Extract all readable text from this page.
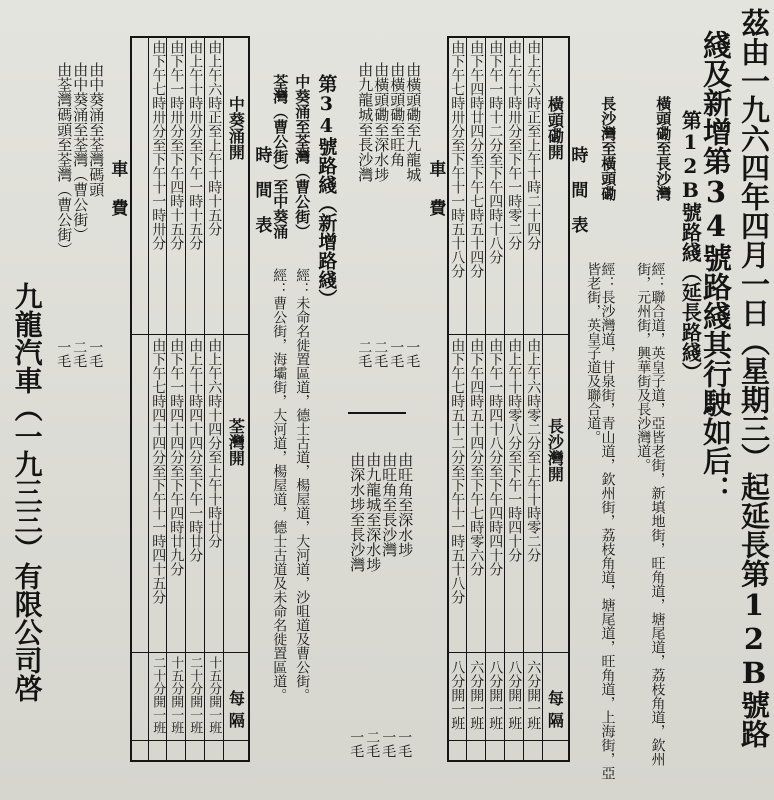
茲由一九六四年四月一日（星期三）起延長第12B號路
綫及新增第34號路綫其行駛如后：
第12B號路綫（延長路綫）
橫頭磡至長沙灣
經：聯合道，英皇子道，亞皆老街，新填地街，旺角道，塘尾道，荔枝角道，欽州街，元州街，興華街及長沙灣道。
長沙灣至橫頭磡
經：長沙灣道，甘泉街，青山道，欽州街，荔枝角道，塘尾道，旺角道，上海街，亞皆老街，英皇子道及聯合道。
時間表
橫頭磡開
長沙灣開
每隔
由上午六時正至上午十時二十四分
由上午十時卅分至下午一時零二分
由下午一時十二分至下午四時十八分
由下午四時廿四分至下午七時五十四分
由下午七時卅分至下午十一時五十八分
由上午六時零二分至上午十時零二分
由上午十時零八分至下午一時四十分
由下午一時四十八分至下午四時四十分
由下午四時五十四分至下午七時零六分
由下午七時五十二分至下午十一時五十八分
六分開一班
八分開一班
八分開一班
六分開一班
八分開一班
車費
由橫頭磡至九龍城
由橫頭磡至旺角
由橫頭磡至深水埗
由九龍城至長沙灣
由旺角至深水埗
由旺角至長沙灣
由九龍城至深水埗
由深水埗至長沙灣
一毛
一毛
二毛
二毛
一毛
一毛
二毛
一毛
第34號路綫（新增路綫）
中葵涌至荃灣（曹公街）
經：未命名徙置區道，德士古道，楊屋道，大河道，沙咀道及曹公街。
荃灣（曹公街）至中葵涌
經：曹公街，海壩街，大河道，楊屋道，德士古道及未命名徙置區道。
時間表
中葵涌開
荃灣開
每隔
由上午六時正至上午十時十五分
由上午十時卅分至下午一時十五分
由下午一時卅分至下午四時十五分
由下午七時卅分至下午十一時卅分
由上午六時十四分至上午十時廿分
由上午十時四十四分至下午一時廿分
由下午一時四十四分至下午四時廿九分
由下午七時四十四分至下午十一時四十五分
十五分開一班
二十分開一班
十五分開一班
二十分開一班
車費
由中葵涌至荃灣碼頭
由中葵涌至荃灣（曹公街）
由荃灣碼頭至荃灣（曹公街）
一毛
二毛
一毛
九龍汽車（一九三三）有限公司啓
